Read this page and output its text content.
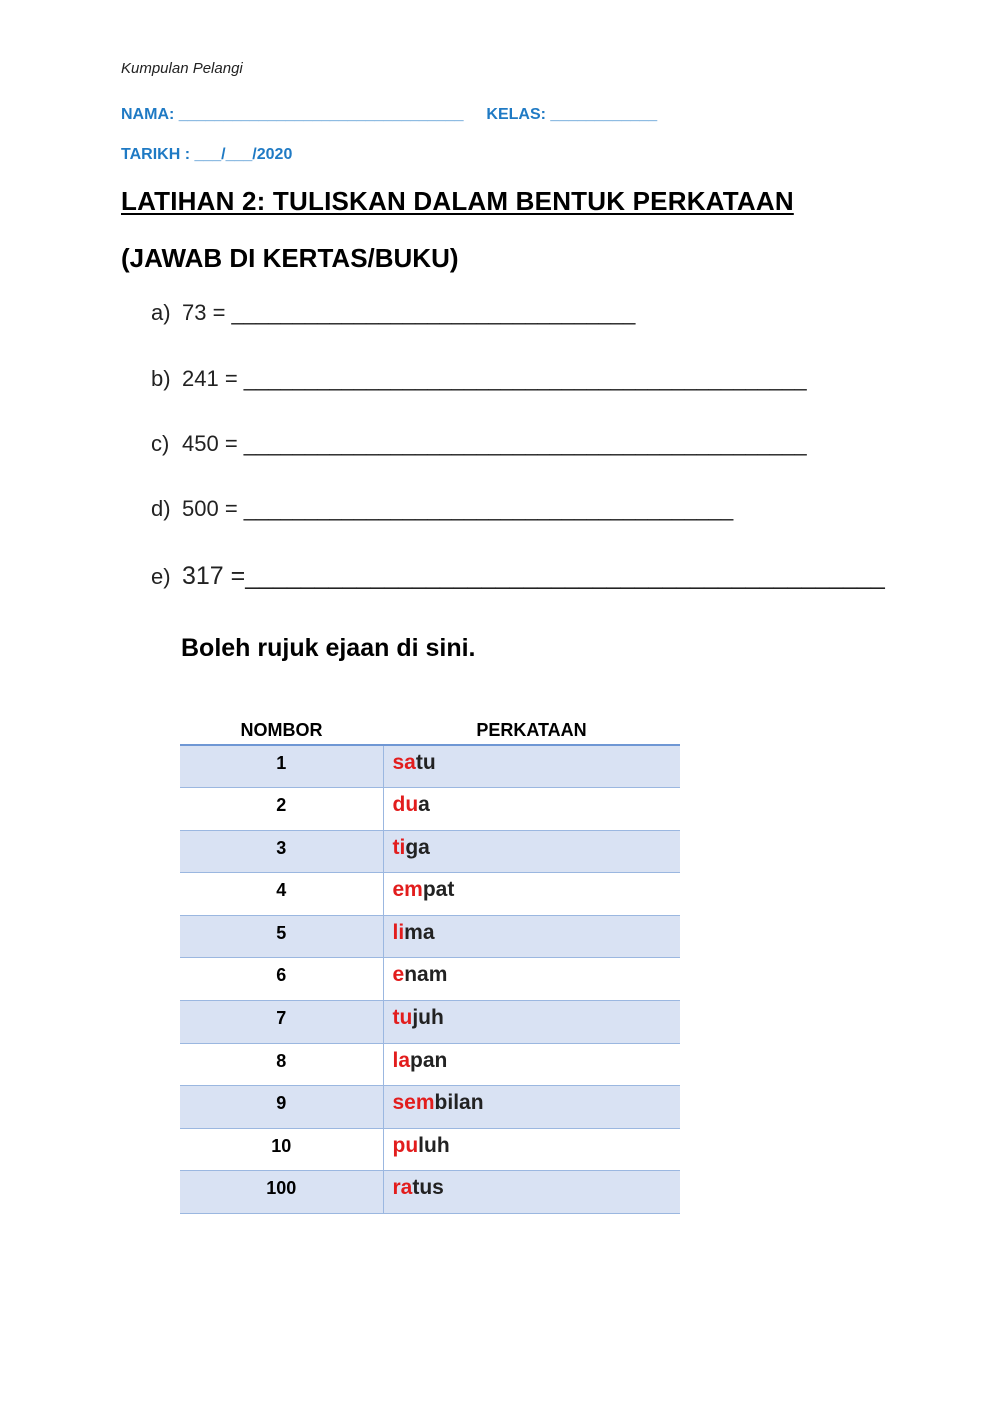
Kumpulan Pelangi
NAMA: ________________________________ KELAS: ____________
TARIKH : ___/___/2020
LATIHAN 2: TULISKAN DALAM BENTUK PERKATAAN
(JAWAB DI KERTAS/BUKU)
a) 73 = _________________________________
b) 241 = ______________________________________________
c) 450 = ______________________________________________
d) 500 = ________________________________________
e) 317 =______________________________________________
Boleh rujuk ejaan di sini.
NOMBOR	PERKATAAN
1	satu
2	dua
3	tiga
4	empat
5	lima
6	enam
7	tujuh
8	lapan
9	sembilan
10	puluh
100	ratus
